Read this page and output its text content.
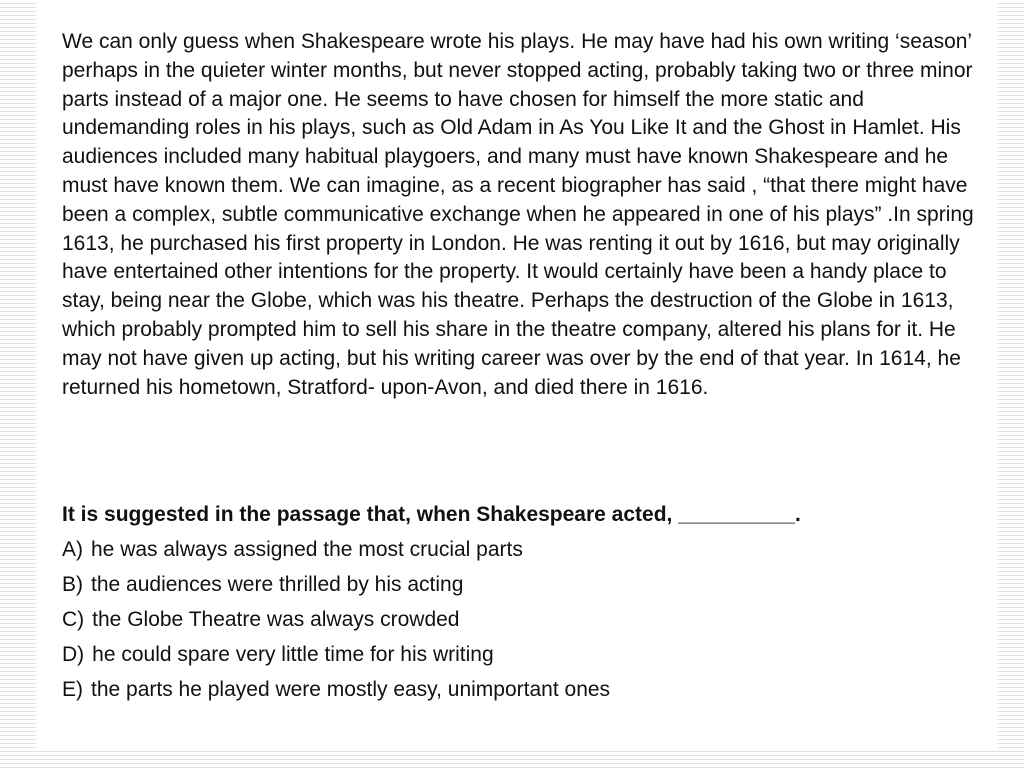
We can only guess when Shakespeare wrote his plays. He may have had his own writing ‘season’ perhaps in the quieter winter months, but never stopped acting, probably taking two or three minor parts instead of a major one. He seems to have chosen for himself the more static and undemanding roles in his plays, such as Old Adam in As You Like It and the Ghost in Hamlet. His audiences included many habitual playgoers, and many must have known Shakespeare and he must have known them. We can imagine, as a recent biographer has said , “that there might have been a complex, subtle communicative exchange when he appeared in one of his plays” .In spring 1613, he purchased his first property in London. He was renting it out by 1616, but may originally have entertained other intentions for the property. It would certainly have been a handy place to stay, being near the Globe, which was his theatre. Perhaps the destruction of the Globe in 1613, which probably prompted him to sell his share in the theatre company, altered his plans for it. He may not have given up acting, but his writing career was over by the end of that year. In 1614, he returned his hometown, Stratford- upon-Avon, and died there in 1616.

It is suggested in the passage that, when Shakespeare acted, __________.

A) he was always assigned the most crucial parts
B) the audiences were thrilled by his acting
C) the Globe Theatre was always crowded
D) he could spare very little time for his writing
E) the parts he played were mostly easy, unimportant ones
